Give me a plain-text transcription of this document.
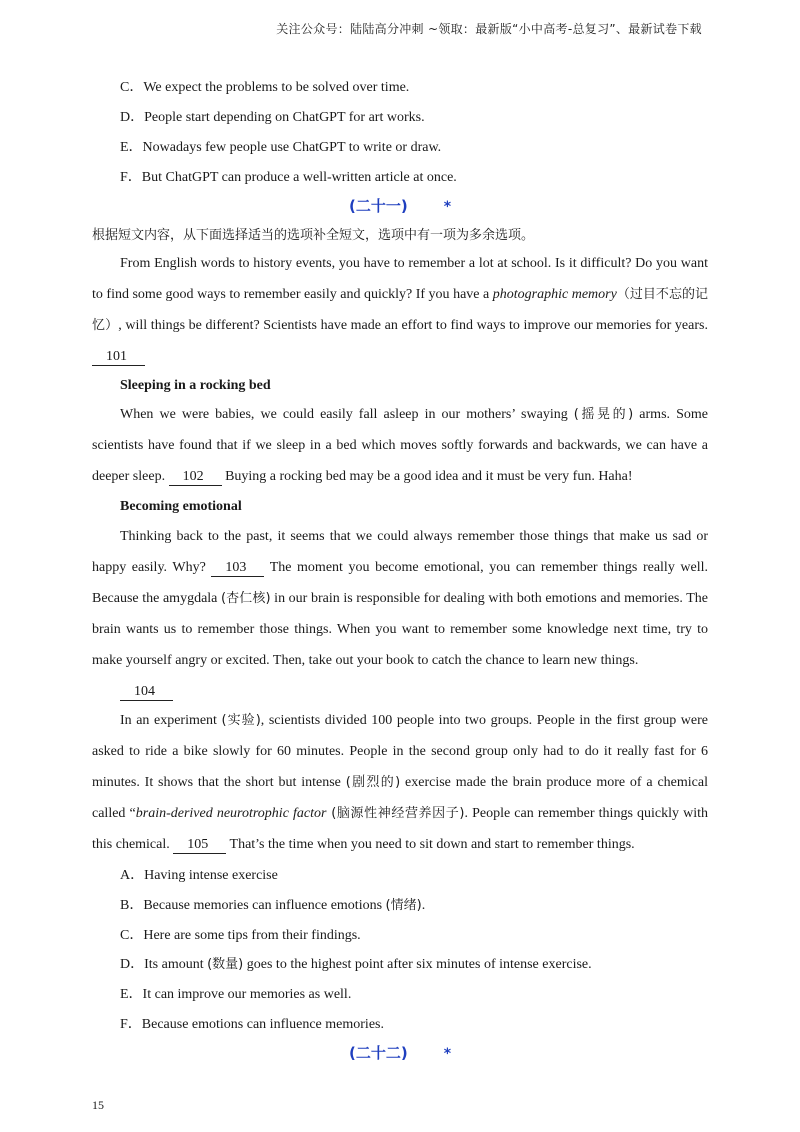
关注公众号：陆陆高分冲刺 ~领取：最新版“小中高考-总复习”、最新试卷下载
C．We expect the problems to be solved over time.
D．People start depending on ChatGPT for art works.
E．Nowadays few people use ChatGPT to write or draw.
F．But ChatGPT can produce a well-written article at once.
(二十一)	*
根据短文内容，从下面选择适当的选项补全短文，选项中有一项为多余选项。
From English words to history events, you have to remember a lot at school. Is it difficult? Do you want to find some good ways to remember easily and quickly? If you have a photographic memory（过目不忘的记忆）, will things be different? Scientists have made an effort to find ways to improve our memories for years. 101
Sleeping in a rocking bed
When we were babies, we could easily fall asleep in our mothers’ swaying (摇晃的) arms. Some scientists have found that if we sleep in a bed which moves softly forwards and backwards, we can have a deeper sleep. 102 Buying a rocking bed may be a good idea and it must be very fun. Haha!
Becoming emotional
Thinking back to the past, it seems that we could always remember those things that make us sad or happy easily. Why? 103 The moment you become emotional, you can remember things really well. Because the amygdala (杏仁核) in our brain is responsible for dealing with both emotions and memories. The brain wants us to remember those things. When you want to remember some knowledge next time, try to make yourself angry or excited. Then, take out your book to catch the chance to learn new things.
104
In an experiment (实验), scientists divided 100 people into two groups. People in the first group were asked to ride a bike slowly for 60 minutes. People in the second group only had to do it really fast for 6 minutes. It shows that the short but intense (剧烈的) exercise made the brain produce more of a chemical called “brain-derived neurotrophic factor (脑源性神经营养因子). People can remember things quickly with this chemical. 105 That’s the time when you need to sit down and start to remember things.
A．Having intense exercise
B．Because memories can influence emotions (情绪).
C．Here are some tips from their findings.
D．Its amount (数量) goes to the highest point after six minutes of intense exercise.
E．It can improve our memories as well.
F．Because emotions can influence memories.
(二十二)	*
15
